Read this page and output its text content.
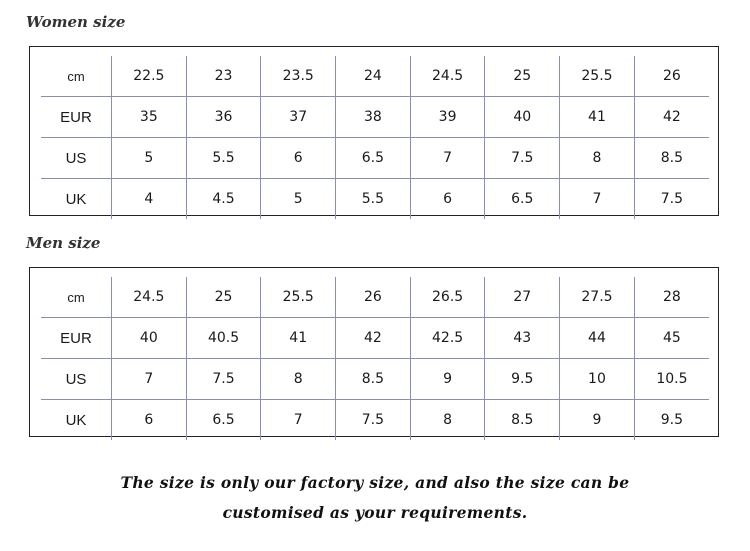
Women size
cm	22.5	23	23.5	24	24.5	25	25.5	26
EUR	35	36	37	38	39	40	41	42
US	5	5.5	6	6.5	7	7.5	8	8.5
UK	4	4.5	5	5.5	6	6.5	7	7.5
Men size
cm	24.5	25	25.5	26	26.5	27	27.5	28
EUR	40	40.5	41	42	42.5	43	44	45
US	7	7.5	8	8.5	9	9.5	10	10.5
UK	6	6.5	7	7.5	8	8.5	9	9.5

The size is only our factory size, and also the size can be

customised as your requirements.
